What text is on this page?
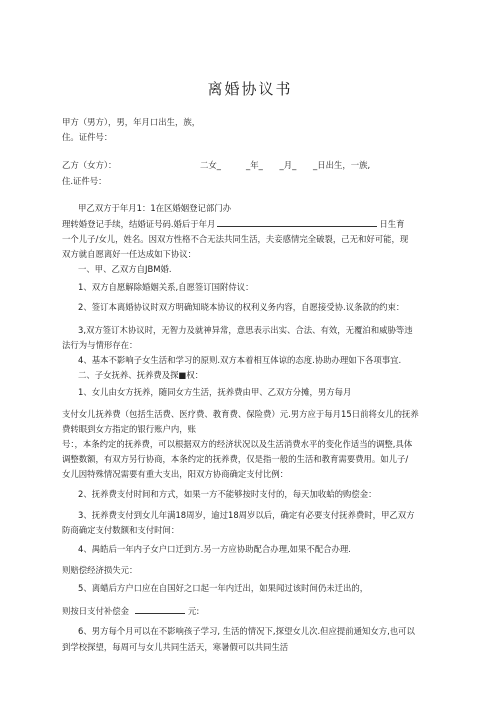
离婚协议书
甲方（男方），男，年月口出生，族，
住。证件号：
乙方（女方）：	二女_　　　_年_　　_月_　　_日出生，一族,
住.证件号：
甲乙双方于年月1：1在区婚姻登记部门办
理转婚登记手续，结婚证号码.婚后于年月	日生育
一个儿子/女儿，姓名。因双方性格不合无法共同生活，夫妾感情完全破裂，己无和好可能，现
双方就自愿离好一任达成如下协议：
一、甲、乙双方自JBM婚.
1、双方自愿解除婚姻关系,自愿签订国附侍议：
2、签订本离婚协议时双方明确知晓本协议的权利义务内容，自愿接受协.议条款的约束：
3,双方签订木协议时，无智力及就神异常，意思表示出实、合法、有效，无覆泊和威胁等违
法行为与情形存在：
4、基本不影响子女生活和学习的原则.双方本着相互体谅的态度.协助办理如下各项事宜.
二、子女抚养、抚养费及探■权：
1、女儿由女方抚养，随同女方生活，抚养费由甲、乙双方分摊，男方每月
支付女儿抚养费（包括生活费、医疗费、教育费、保险费）元.男方应于每月15日前将女儿的抚养
费转眼到女方指定的银行账户内，账
号：，本条约定的抚养费，可以根据双方的经济状况以及生活消费水平的变化作适当的调整,具体
调整数额，有双方另行协商，本条约定的抚养费，仅是指一般的生活和教育需要费用。如儿子/
女儿因特殊情况需要有重大支出，阳双方协商确定支付比例：
2、抚养费支付时间和方式，如果一方不能够按时支付的，每天加收蛤的购偿金：
3、抚养费支付到女儿年满18周岁，逾过18周岁以后，确定有必要支付抚养费时，甲乙双方
防商确定支付数额和支付时间：
4、禺皓后一年内子女户口迁到方.另一方应协助配合办理,如果不配合办理.
则赔偿经济损失元：
5、离蜡后方户口应在自国好之口起一年内迁出，如果闻过该时间仍未迁出的，
则按日支付补偿金	元:
6、男方每个月可以在不影响孩子学习, 生活的情况下,探望女儿次.但应提前通知女方,也可以
到学校探望，每周可与女儿共同生活天，寒暑假可以共同生活
